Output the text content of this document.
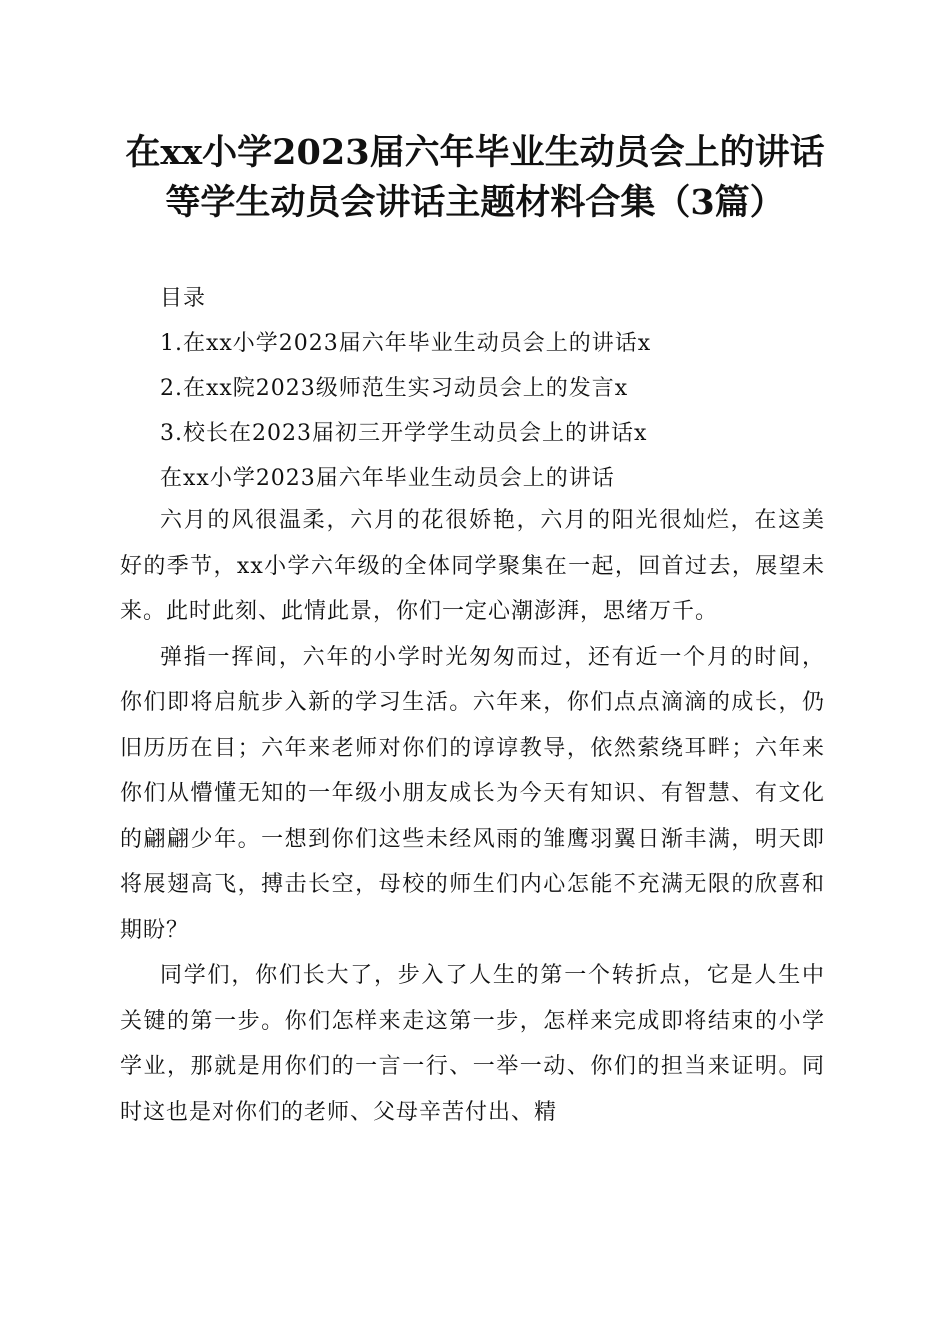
在xx小学2023届六年毕业生动员会上的讲话
等学生动员会讲话主题材料合集（3篇）
目录
1.在xx小学2023届六年毕业生动员会上的讲话x
2.在xx院2023级师范生实习动员会上的发言x
3.校长在2023届初三开学学生动员会上的讲话x
在xx小学2023届六年毕业生动员会上的讲话

六月的风很温柔，六月的花很娇艳，六月的阳光很灿烂，在这美好的季节，xx小学六年级的全体同学聚集在一起，回首过去，展望未来。此时此刻、此情此景，你们一定心潮澎湃，思绪万千。

弹指一挥间，六年的小学时光匆匆而过，还有近一个月的时间，你们即将启航步入新的学习生活。六年来，你们点点滴滴的成长，仍旧历历在目；六年来老师对你们的谆谆教导，依然萦绕耳畔；六年来你们从懵懂无知的一年级小朋友成长为今天有知识、有智慧、有文化的翩翩少年。一想到你们这些未经风雨的雏鹰羽翼日渐丰满，明天即将展翅高飞，搏击长空，母校的师生们内心怎能不充满无限的欣喜和期盼？

同学们，你们长大了，步入了人生的第一个转折点，它是人生中关键的第一步。你们怎样来走这第一步，怎样来完成即将结束的小学学业，那就是用你们的一言一行、一举一动、你们的担当来证明。同时这也是对你们的老师、父母辛苦付出、精
